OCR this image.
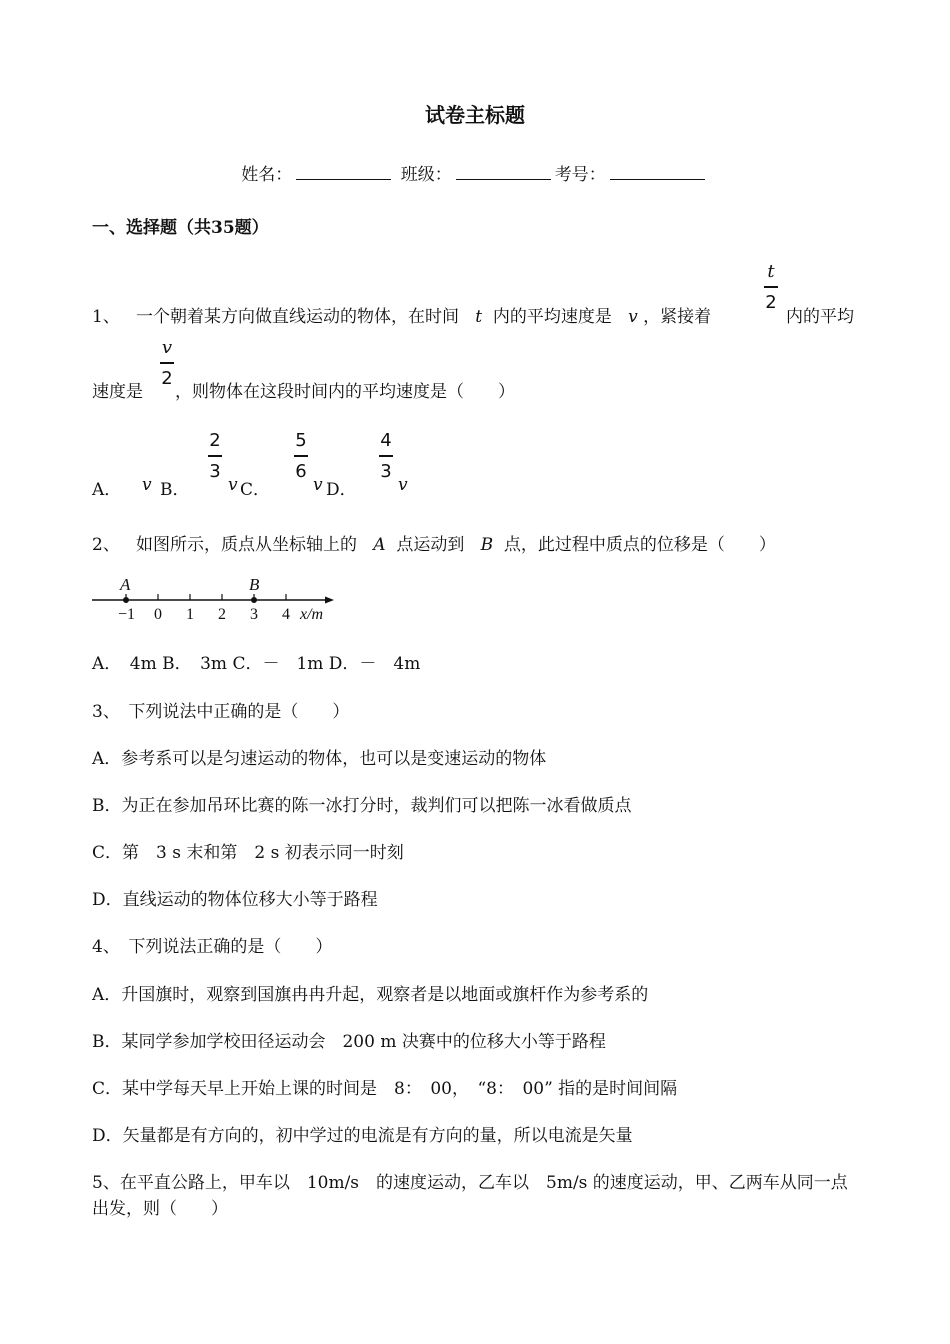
试卷主标题
姓名：	班级：	考号：
一、选择题（共35题）
1、 一个朝着某方向做直线运动的物体，在时间 t 内的平均速度是 v ，紧接着
t
2
内的平均
v
2
速度是 ，则物体在这段时间内的平均速度是（　　）
A． v B．
2
3
v C．
5
6
v D．
4
3
v
2、 如图所示，质点从坐标轴上的 A 点运动到 B 点，此过程中质点的位移是（　　）
A	B
−1 0 1 2 3 4 x/m
A．　4m B．　3m C．－　1m D．－　4m
3、　下列说法中正确的是（　　）
A．参考系可以是匀速运动的物体，也可以是变速运动的物体
B．为正在参加吊环比赛的陈一冰打分时，裁判们可以把陈一冰看做质点
C．第　3 s 末和第　2 s 初表示同一时刻
D．直线运动的物体位移大小等于路程
4、　下列说法正确的是（　　）
A．升国旗时，观察到国旗冉冉升起，观察者是以地面或旗杆作为参考系的
B．某同学参加学校田径运动会　200 m 决赛中的位移大小等于路程
C．某中学每天早上开始上课的时间是　8：　00，　“8：　00” 指的是时间间隔
D．矢量都是有方向的，初中学过的电流是有方向的量，所以电流是矢量
5、在平直公路上，甲车以　10m/s　的速度运动，乙车以　5m/s 的速度运动，甲、乙两车从同一点
出发，则（　　）
